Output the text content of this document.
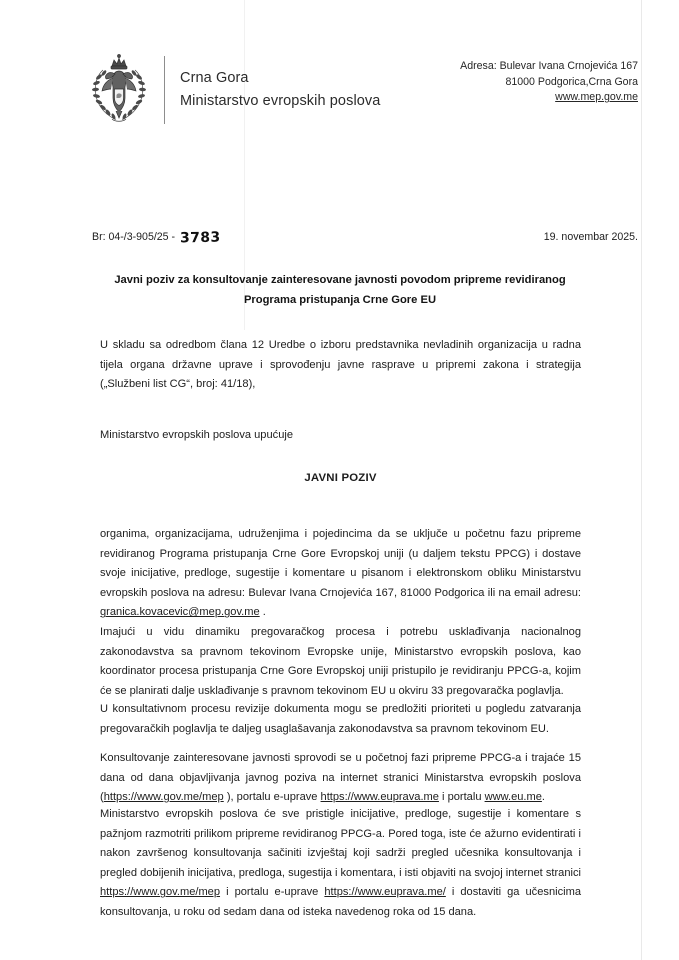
Crna Gora
Ministarstvo evropskih poslova
Adresa: Bulevar Ivana Crnojevića 167
81000 Podgorica,Crna Gora
www.mep.gov.me
Br: 04-/3-905/25 - 3783	19. novembar 2025.
Javni poziv za konsultovanje zainteresovane javnosti povodom pripreme revidiranog Programa pristupanja Crne Gore EU
U skladu sa odredbom člana 12 Uredbe o izboru predstavnika nevladinih organizacija u radna tijela organa državne uprave i sprovođenju javne rasprave u pripremi zakona i strategija („Službeni list CG“, broj: 41/18),
Ministarstvo evropskih poslova upućuje
JAVNI POZIV
organima, organizacijama, udruženjima i pojedincima da se uključe u početnu fazu pripreme revidiranog Programa pristupanja Crne Gore Evropskoj uniji (u daljem tekstu PPCG) i dostave svoje inicijative, predloge, sugestije i komentare u pisanom i elektronskom obliku Ministarstvu evropskih poslova na adresu: Bulevar Ivana Crnojevića 167, 81000 Podgorica ili na email adresu: granica.kovacevic@mep.gov.me .
Imajući u vidu dinamiku pregovaračkog procesa i potrebu usklađivanja nacionalnog zakonodavstva sa pravnom tekovinom Evropske unije, Ministarstvo evropskih poslova, kao koordinator procesa pristupanja Crne Gore Evropskoj uniji pristupilo je revidiranju PPCG-a, kojim će se planirati dalje usklađivanje s pravnom tekovinom EU u okviru 33 pregovaračka poglavlja.
U konsultativnom procesu revizije dokumenta mogu se predložiti prioriteti u pogledu zatvaranja pregovaračkih poglavlja te daljeg usaglašavanja zakonodavstva sa pravnom tekovinom EU.
Konsultovanje zainteresovane javnosti sprovodi se u početnoj fazi pripreme PPCG-a i trajaće 15 dana od dana objavljivanja javnog poziva na internet stranici Ministarstva evropskih poslova (https://www.gov.me/mep ), portalu e-uprave https://www.euprava.me i portalu www.eu.me.
Ministarstvo evropskih poslova će sve pristigle inicijative, predloge, sugestije i komentare s pažnjom razmotriti prilikom pripreme revidiranog PPCG-a. Pored toga, iste će ažurno evidentirati i nakon završenog konsultovanja sačiniti izvještaj koji sadrži pregled učesnika konsultovanja i pregled dobijenih inicijativa, predloga, sugestija i komentara, i isti objaviti na svojoj internet stranici https://www.gov.me/mep i portalu e-uprave https://www.euprava.me/ i dostaviti ga učesnicima konsultovanja, u roku od sedam dana od isteka navedenog roka od 15 dana.
